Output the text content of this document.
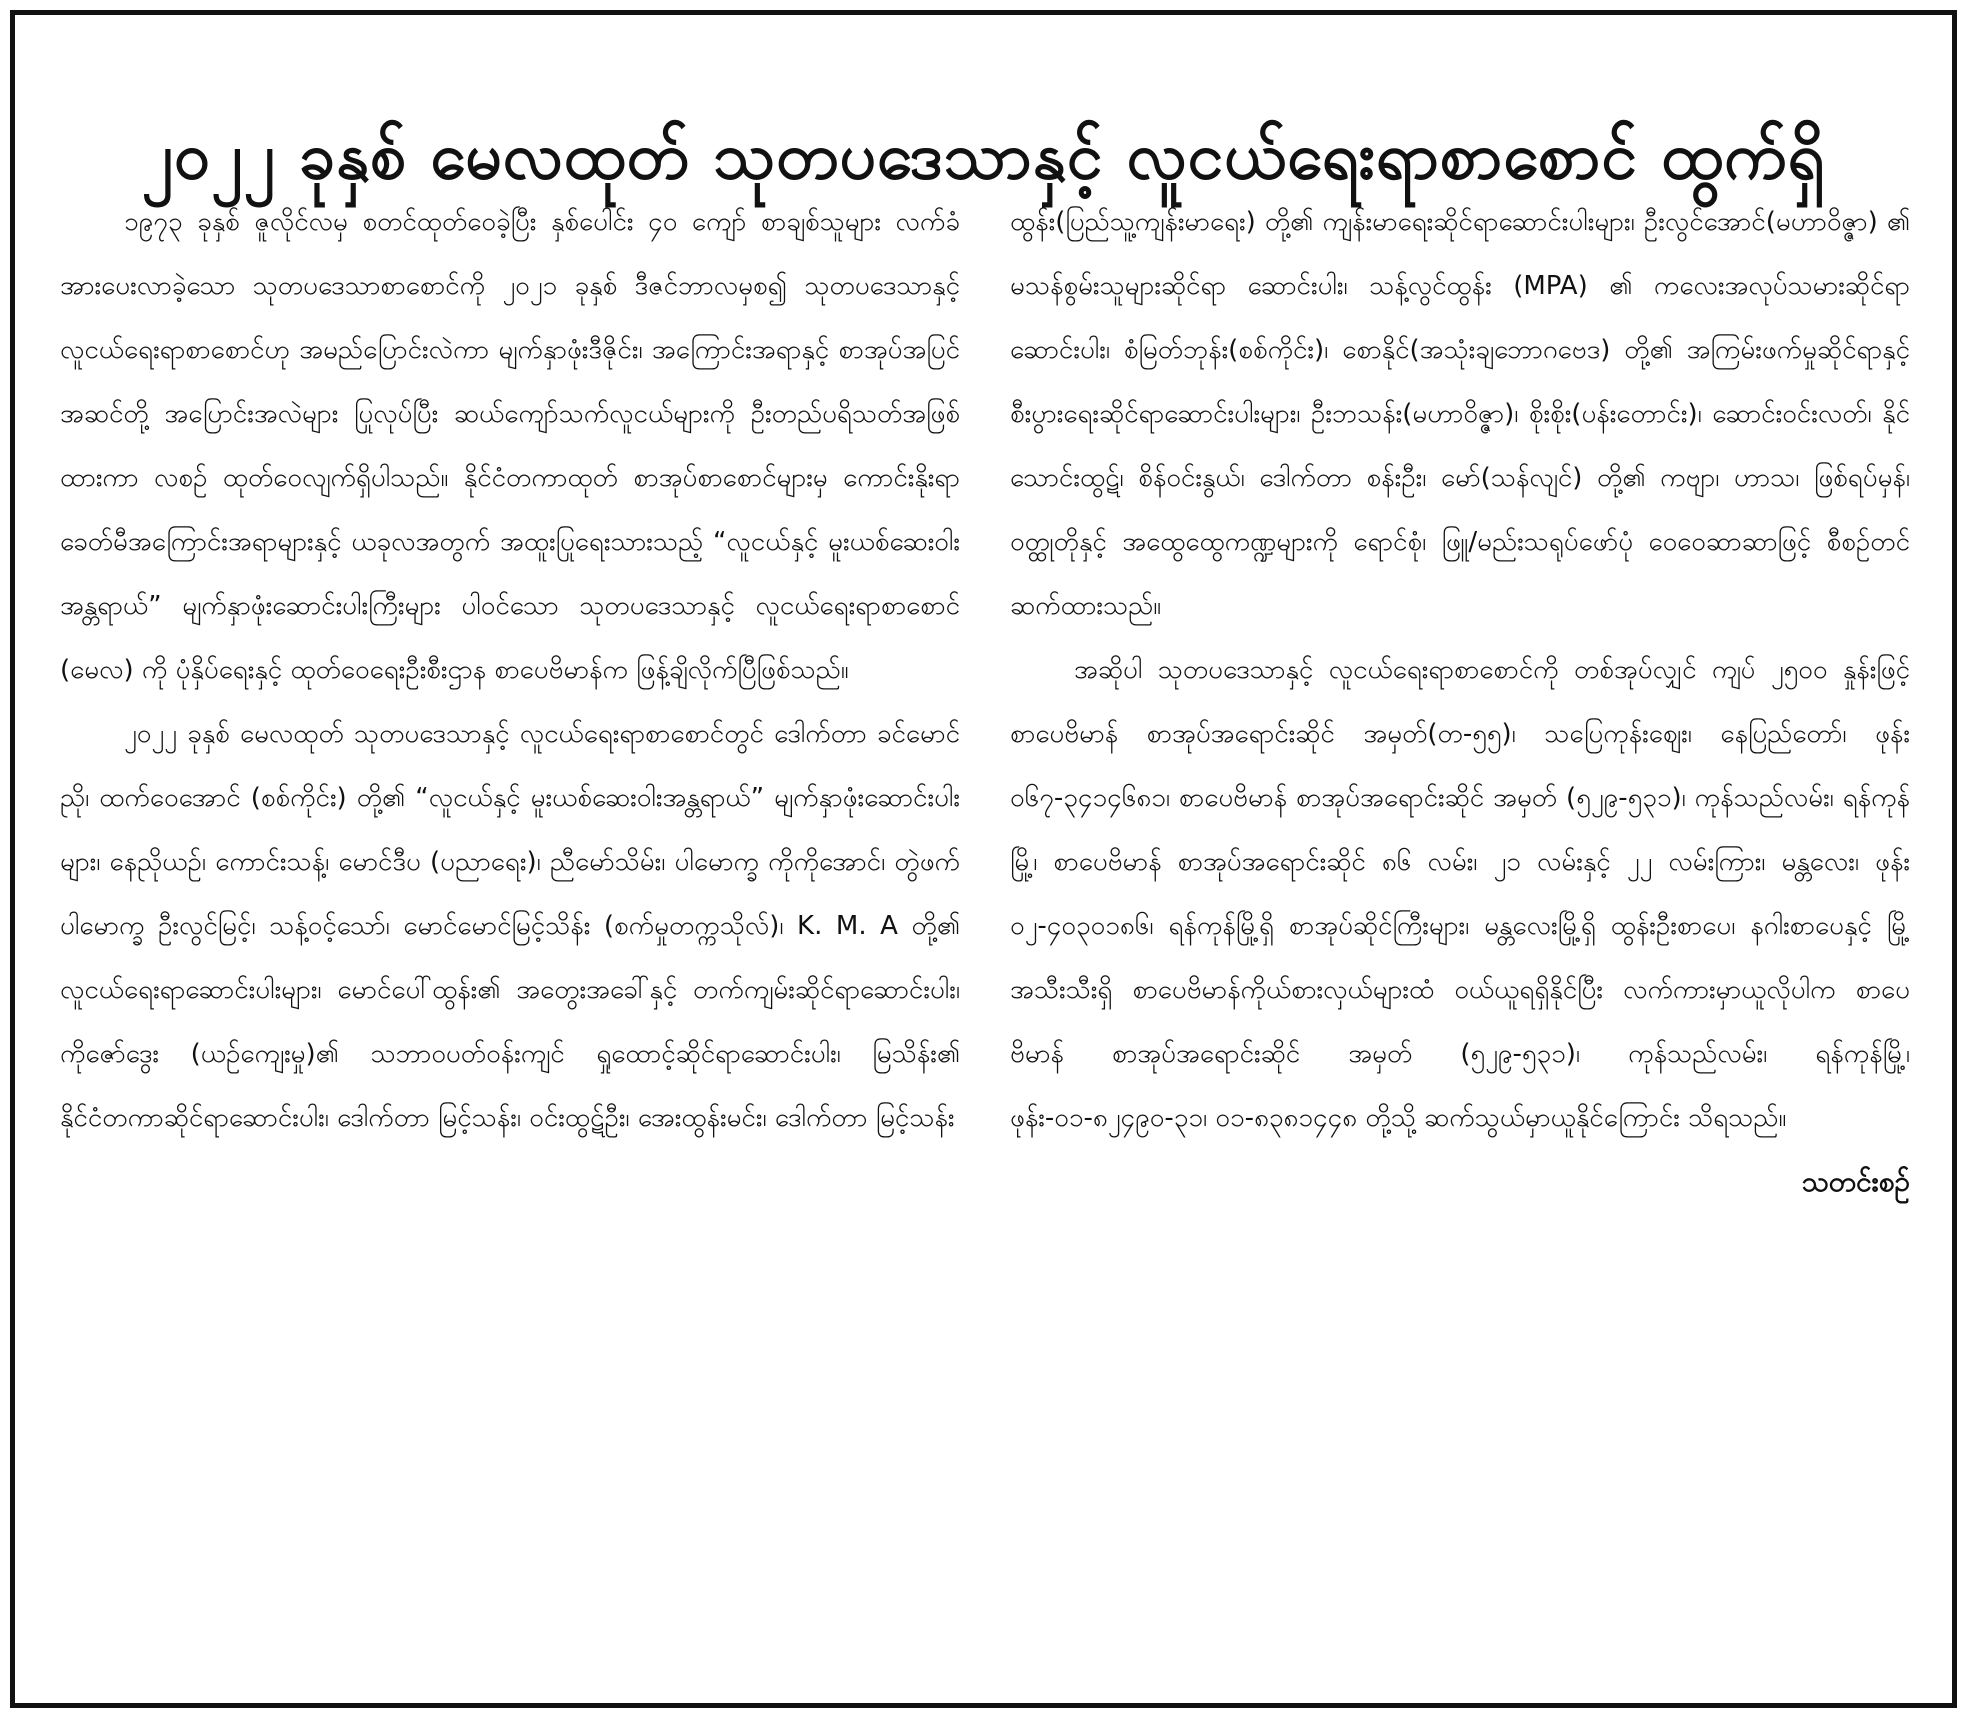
၂၀၂၂ ခုနှစ် မေလထုတ် သုတပဒေသာနှင့် လူငယ်ရေးရာစာစောင် ထွက်ရှိ

၁၉၇၃ ခုနှစ် ဇူလိုင်လမှ စတင်ထုတ်ဝေခဲ့ပြီး နှစ်ပေါင်း ၄၀ ကျော် စာချစ်သူများ လက်ခံအားပေးလာခဲ့သော သုတပဒေသာစာစောင်ကို ၂၀၂၁ ခုနှစ် ဒီဇင်ဘာလမှစ၍ သုတပဒေသာနှင့် လူငယ်ရေးရာစာစောင်ဟု အမည်ပြောင်းလဲကာ မျက်နှာဖုံးဒီဇိုင်း၊ အကြောင်းအရာနှင့် စာအုပ်အပြင်အဆင်တို့ အပြောင်းအလဲများ ပြုလုပ်ပြီး ဆယ်ကျော်သက်လူငယ်များကို ဦးတည်ပရိသတ်အဖြစ်ထားကာ လစဉ် ထုတ်ဝေလျက်ရှိပါသည်။ နိုင်ငံတကာထုတ် စာအုပ်စာစောင်များမှ ကောင်းနိုးရာခေတ်မီအကြောင်းအရာများနှင့် ယခုလအတွက် အထူးပြုရေးသားသည့် “လူငယ်နှင့် မူးယစ်ဆေးဝါးအန္တရာယ်” မျက်နှာဖုံးဆောင်းပါးကြီးများ ပါဝင်သော သုတပဒေသာနှင့် လူငယ်ရေးရာစာစောင် (မေလ) ကို ပုံနှိပ်ရေးနှင့် ထုတ်ဝေရေးဦးစီးဌာန စာပေဗိမာန်က ဖြန့်ချိလိုက်ပြီဖြစ်သည်။

၂၀၂၂ ခုနှစ် မေလထုတ် သုတပဒေသာနှင့် လူငယ်ရေးရာစာစောင်တွင် ဒေါက်တာ ခင်မောင်ညို၊ ထက်ဝေအောင် (စစ်ကိုင်း) တို့၏ “လူငယ်နှင့် မူးယစ်ဆေးဝါးအန္တရာယ်” မျက်နှာဖုံးဆောင်းပါးများ၊ နေညိုယဉ်၊ ကောင်းသန့်၊ မောင်ဒီပ (ပညာရေး)၊ ညီမော်သိမ်း၊ ပါမောက္ခ ကိုကိုအောင်၊ တွဲဖက်ပါမောက္ခ ဦးလွင်မြင့်၊ သန့်ဝင့်သော်၊ မောင်မောင်မြင့်သိန်း (စက်မှုတက္ကသိုလ်)၊ K. M. A တို့၏ လူငယ်ရေးရာဆောင်းပါးများ၊ မောင်ပေါ်ထွန်း၏ အတွေးအခေါ်နှင့် တက်ကျမ်းဆိုင်ရာဆောင်းပါး၊ ကိုဇော်ဒွေး (ယဉ်ကျေးမှု)၏ သဘာဝပတ်ဝန်းကျင် ရှုထောင့်ဆိုင်ရာဆောင်းပါး၊ မြသိန်း၏ နိုင်ငံတကာဆိုင်ရာဆောင်းပါး၊ ဒေါက်တာ မြင့်သန်း၊ ဝင်းထွဋ်ဦး၊ အေးထွန်းမင်း၊ ဒေါက်တာ မြင့်သန်း

ထွန်း(ပြည်သူ့ကျန်းမာရေး) တို့၏ ကျန်းမာရေးဆိုင်ရာဆောင်းပါးများ၊ ဦးလွင်အောင်(မဟာဝိဇ္ဇာ) ၏ မသန်စွမ်းသူများဆိုင်ရာ ဆောင်းပါး၊ သန့်လွင်ထွန်း (MPA) ၏ ကလေးအလုပ်သမားဆိုင်ရာ ဆောင်းပါး၊ စံမြတ်ဘုန်း(စစ်ကိုင်း)၊ စောနိုင်(အသုံးချဘောဂဗေဒ) တို့၏ အကြမ်းဖက်မှုဆိုင်ရာနှင့် စီးပွားရေးဆိုင်ရာဆောင်းပါးများ၊ ဦးဘသန်း(မဟာဝိဇ္ဇာ)၊ စိုးစိုး(ပန်းတောင်း)၊ ဆောင်းဝင်းလတ်၊ နိုင်သောင်းထွဋ်၊ စိန်ဝင်းနွယ်၊ ဒေါက်တာ စန်းဦး၊ မော်(သန်လျင်) တို့၏ ကဗျာ၊ ဟာသ၊ ဖြစ်ရပ်မှန်၊ ဝတ္ထုတိုနှင့် အထွေထွေကဏ္ဍများကို ရောင်စုံ၊ ဖြူ/မည်းသရုပ်ဖော်ပုံ ဝေဝေဆာဆာဖြင့် စီစဉ်တင်ဆက်ထားသည်။

အဆိုပါ သုတပဒေသာနှင့် လူငယ်ရေးရာစာစောင်ကို တစ်အုပ်လျှင် ကျပ် ၂၅၀၀ နှုန်းဖြင့် စာပေဗိမာန် စာအုပ်အရောင်းဆိုင် အမှတ်(တ-၅၅)၊ သပြေကုန်းဈေး၊ နေပြည်တော်၊ ဖုန်း ၀၆၇-၃၄၁၄၆၈၁၊ စာပေဗိမာန် စာအုပ်အရောင်းဆိုင် အမှတ် (၅၂၉-၅၃၁)၊ ကုန်သည်လမ်း၊ ရန်ကုန်မြို့၊ စာပေဗိမာန် စာအုပ်အရောင်းဆိုင် ၈၆ လမ်း၊ ၂၁ လမ်းနှင့် ၂၂ လမ်းကြား၊ မန္တလေး၊ ဖုန်း ၀၂-၄၀၃၀၁၈၆၊ ရန်ကုန်မြို့ရှိ စာအုပ်ဆိုင်ကြီးများ၊ မန္တလေးမြို့ရှိ ထွန်းဦးစာပေ၊ နဂါးစာပေနှင့် မြို့အသီးသီးရှိ စာပေဗိမာန်ကိုယ်စားလှယ်များထံ ဝယ်ယူရရှိနိုင်ပြီး လက်ကားမှာယူလိုပါက စာပေဗိမာန် စာအုပ်အရောင်းဆိုင် အမှတ် (၅၂၉-၅၃၁)၊ ကုန်သည်လမ်း၊ ရန်ကုန်မြို့၊ ဖုန်း-၀၁-၈၂၄၉၀-၃၁၊ ၀၁-၈၃၈၁၄၄၈ တို့သို့ ဆက်သွယ်မှာယူနိုင်ကြောင်း သိရသည်။

သတင်းစဉ်
